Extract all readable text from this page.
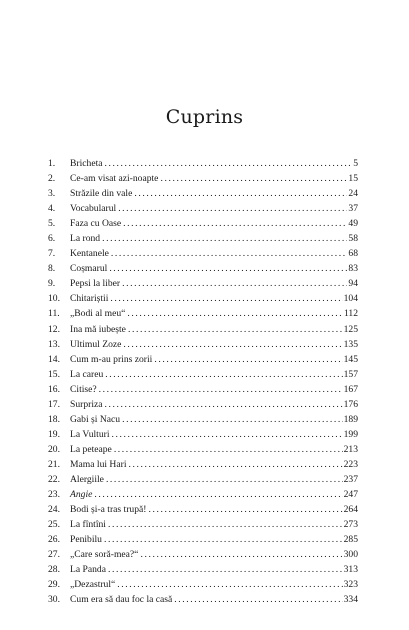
Cuprins
1.	Bricheta . . .	5
2.	Ce-am visat azi-noapte . . .	15
3.	Străzile din vale . . .	24
4.	Vocabularul . . .	37
5.	Faza cu Oase . . .	49
6.	La rond . . .	58
7.	Kentanele . . .	68
8.	Coșmarul . . .	83
9.	Pepsi la liber . . .	94
10.	Chitariștii . . .	104
11.	„Bodi al meu“ . . .	112
12.	Ina mă iubește . . .	125
13.	Ultimul Zoze . . .	135
14.	Cum m-au prins zorii . . .	145
15.	La careu . . .	157
16.	Citise? . . .	167
17.	Surpriza . . .	176
18.	Gabi și Nacu . . .	189
19.	La Vulturi . . .	199
20.	La peteape . . .	213
21.	Mama lui Hari . . .	223
22.	Alergiile . . .	237
23.	Angie . . .	247
24.	Bodi și-a tras trupă! . . .	264
25.	La fîntîni . . .	273
26.	Penibilu . . .	285
27.	„Care soră-mea?“ . . .	300
28.	La Panda . . .	313
29.	„Dezastrul“ . . .	323
30.	Cum era să dau foc la casă . . .	334
